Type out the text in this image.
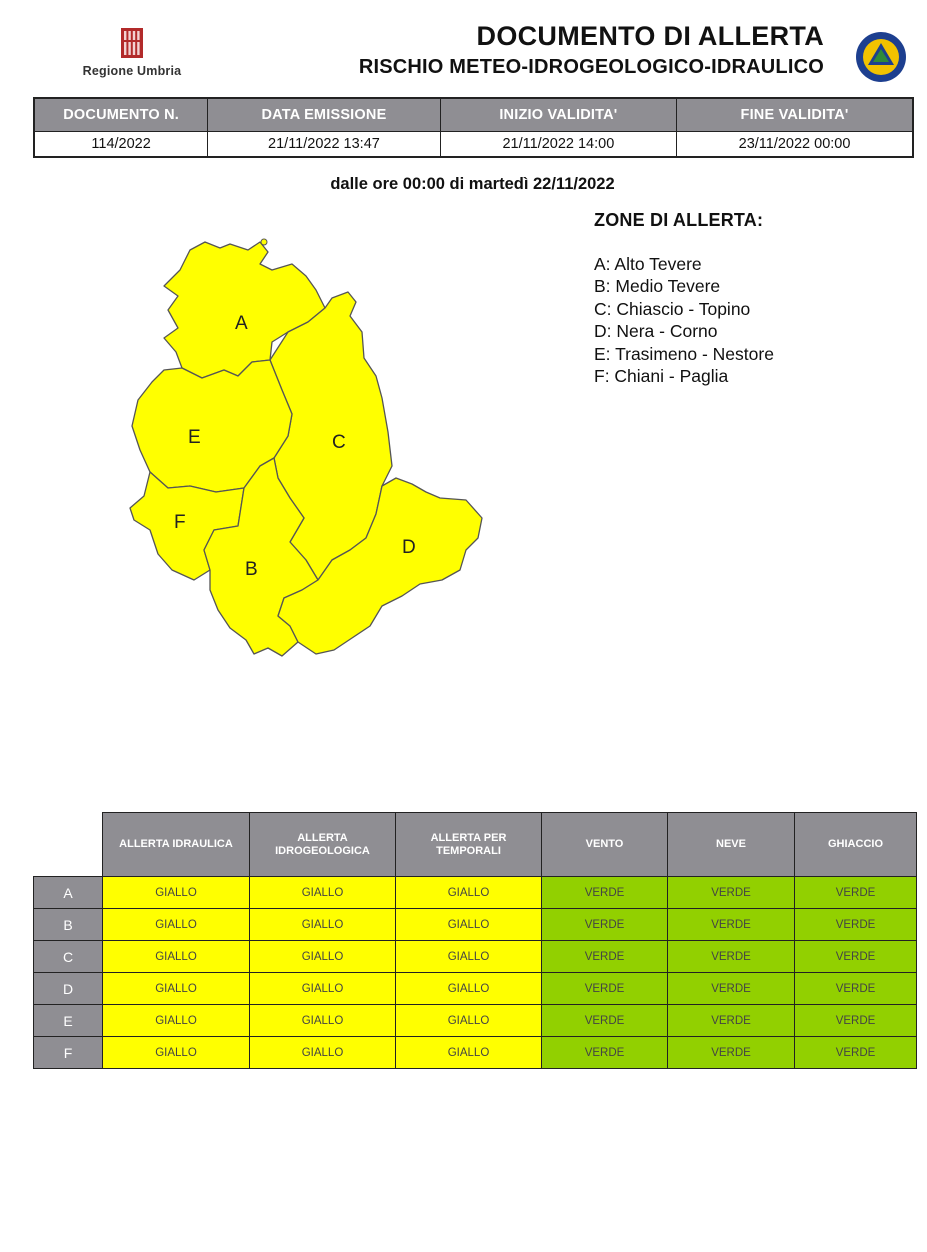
Regione Umbria
DOCUMENTO DI ALLERTA
RISCHIO METEO-IDROGEOLOGICO-IDRAULICO
DOCUMENTO N.	DATA EMISSIONE	INIZIO VALIDITA'	FINE VALIDITA'
114/2022	21/11/2022 13:47	21/11/2022 14:00	23/11/2022 00:00
dalle ore 00:00 di martedì 22/11/2022
A
B
C
D
E
F
ZONE DI ALLERTA:
A: Alto Tevere
B: Medio Tevere
C: Chiascio - Topino
D: Nera - Corno
E: Trasimeno - Nestore
F: Chiani - Paglia
	ALLERTA IDRAULICA	ALLERTA IDROGEOLOGICA	ALLERTA PER TEMPORALI	VENTO	NEVE	GHIACCIO
A	GIALLO	GIALLO	GIALLO	VERDE	VERDE	VERDE
B	GIALLO	GIALLO	GIALLO	VERDE	VERDE	VERDE
C	GIALLO	GIALLO	GIALLO	VERDE	VERDE	VERDE
D	GIALLO	GIALLO	GIALLO	VERDE	VERDE	VERDE
E	GIALLO	GIALLO	GIALLO	VERDE	VERDE	VERDE
F	GIALLO	GIALLO	GIALLO	VERDE	VERDE	VERDE
